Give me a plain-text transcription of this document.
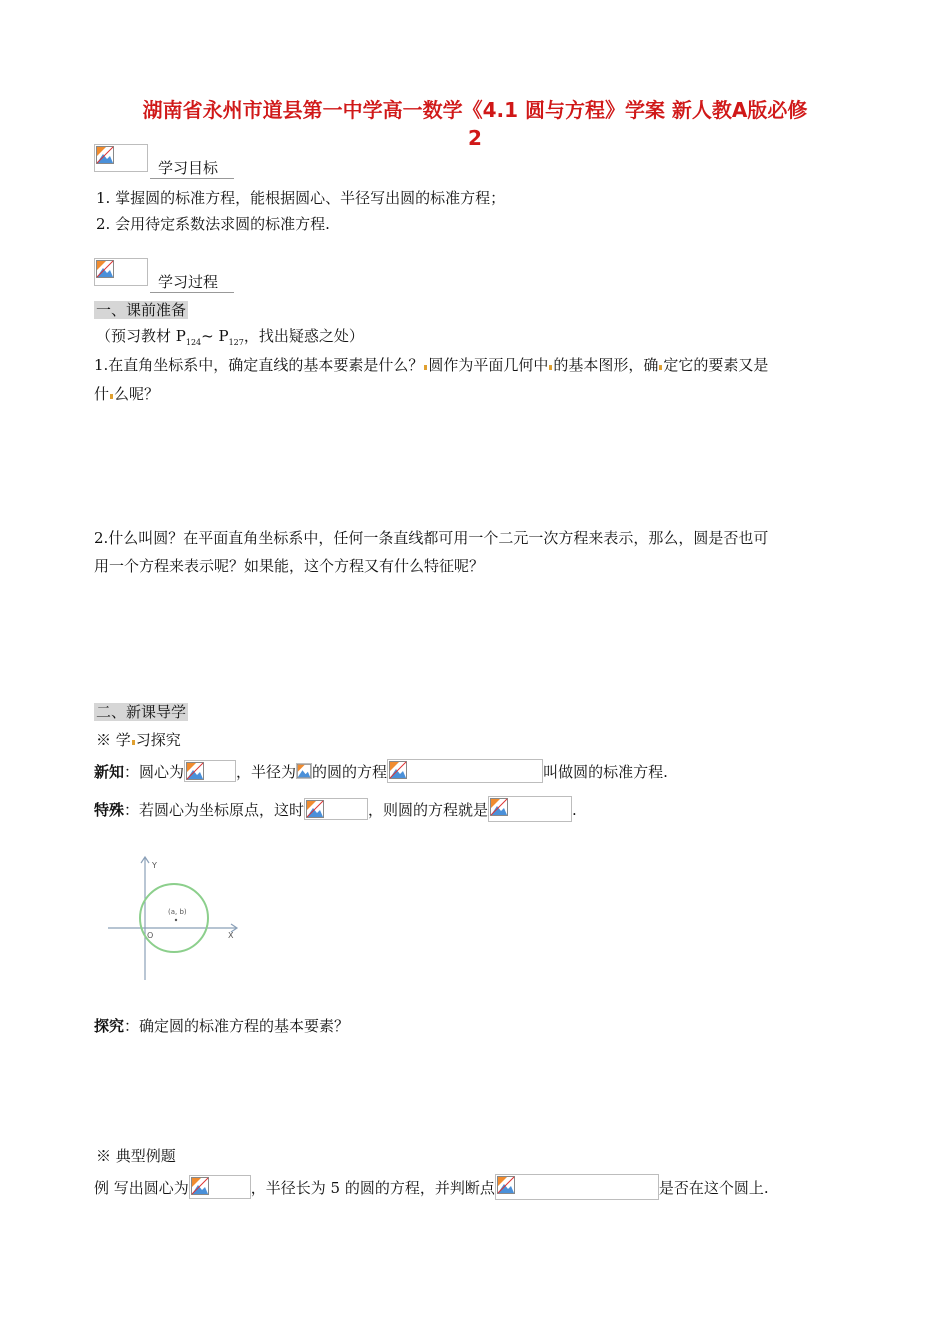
湖南省永州市道县第一中学高一数学《4.1 圆与方程》学案 新人教A版必修
2
学习目标
1. 掌握圆的标准方程，能根据圆心、半径写出圆的标准方程；
2. 会用待定系数法求圆的标准方程.
学习过程
一、课前准备
（预习教材 $P_{124}\sim$ $P_{127}$，找出疑惑之处）
1.在直角坐标系中，确定直线的基本要素是什么？ 圆作为平面几何中 的基本图形，确 定它的要素又是
什 么呢？
2.什么叫圆？在平面直角坐标系中，任何一条直线都可用一个二元一次方程来表示，那么，圆是否也可
用一个方程来表示呢？如果能，这个方程又有什么特征呢？
二、新课导学
※ 学 习探究
新知：圆心为	，半径为 的圆的方程	叫做圆的标准方程.
特殊：若圆心为坐标原点，这时	，则圆的方程就是	.
Y
X
O
(a, b)
探究：确定圆的标准方程的基本要素？
※ 典型例题
例 写出圆心为	，半径长为 5 的圆的方程，并判断点	是否在这个圆上.
